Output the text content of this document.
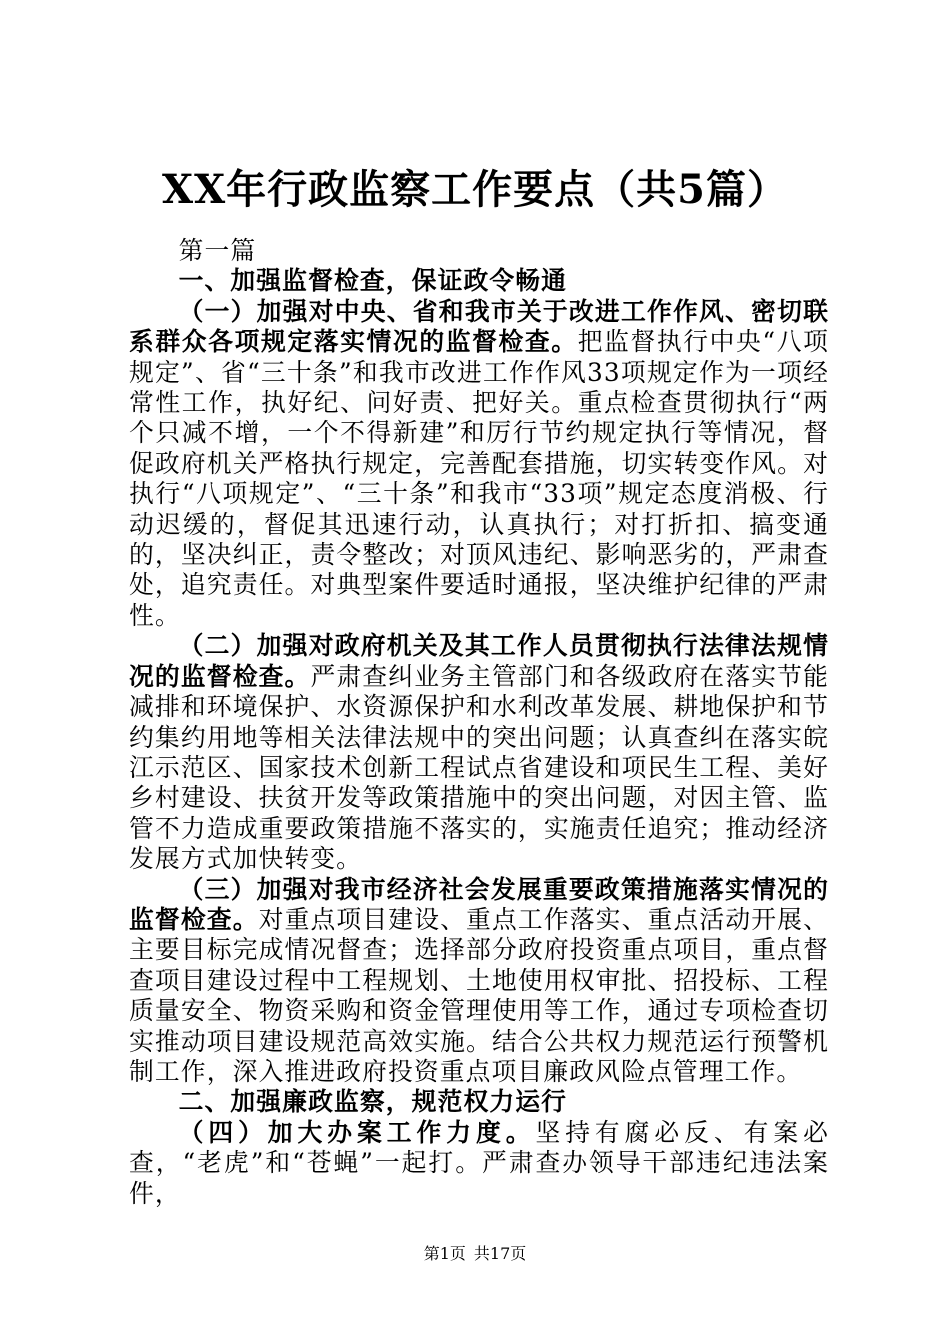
XX年行政监察工作要点（共5篇）

第一篇

一、加强监督检查，保证政令畅通

（一）加强对中央、省和我市关于改进工作作风、密切联系群众各项规定落实情况的监督检查。把监督执行中央“八项规定”、省“三十条”和我市改进工作作风33项规定作为一项经常性工作，执好纪、问好责、把好关。重点检查贯彻执行“两个只减不增，一个不得新建”和厉行节约规定执行等情况，督促政府机关严格执行规定，完善配套措施，切实转变作风。对执行“八项规定”、“三十条”和我市“33项”规定态度消极、行动迟缓的，督促其迅速行动，认真执行；对打折扣、搞变通的，坚决纠正，责令整改；对顶风违纪、影响恶劣的，严肃查处，追究责任。对典型案件要适时通报，坚决维护纪律的严肃性。

（二）加强对政府机关及其工作人员贯彻执行法律法规情况的监督检查。严肃查纠业务主管部门和各级政府在落实节能减排和环境保护、水资源保护和水利改革发展、耕地保护和节约集约用地等相关法律法规中的突出问题；认真查纠在落实皖江示范区、国家技术创新工程试点省建设和项民生工程、美好乡村建设、扶贫开发等政策措施中的突出问题，对因主管、监管不力造成重要政策措施不落实的，实施责任追究；推动经济发展方式加快转变。

（三）加强对我市经济社会发展重要政策措施落实情况的监督检查。对重点项目建设、重点工作落实、重点活动开展、主要目标完成情况督查；选择部分政府投资重点项目，重点督查项目建设过程中工程规划、土地使用权审批、招投标、工程质量安全、物资采购和资金管理使用等工作，通过专项检查切实推动项目建设规范高效实施。结合公共权力规范运行预警机制工作，深入推进政府投资重点项目廉政风险点管理工作。

二、加强廉政监察，规范权力运行

（四）加大办案工作力度。坚持有腐必反、有案必查，“老虎”和“苍蝇”一起打。严肃查办领导干部违纪违法案件，

第1页 共17页
